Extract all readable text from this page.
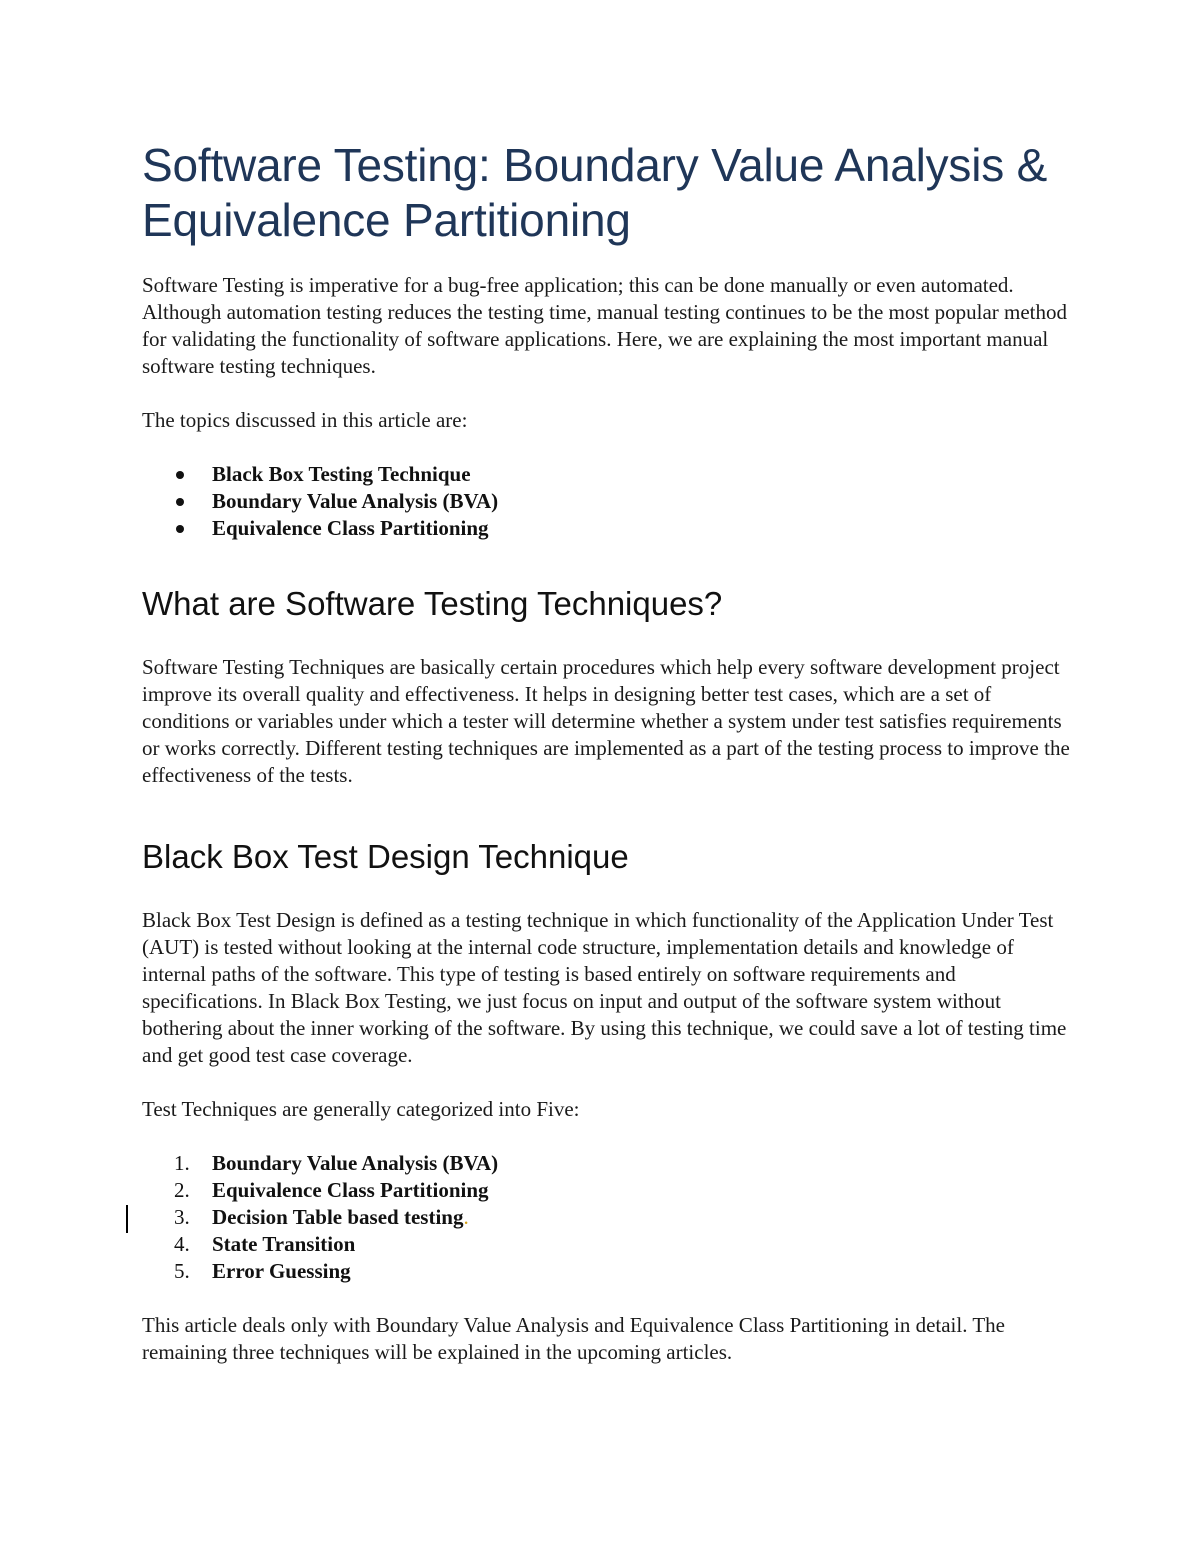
Software Testing: Boundary Value Analysis & Equivalence Partitioning

Software Testing is imperative for a bug-free application; this can be done manually or even automated. Although automation testing reduces the testing time, manual testing continues to be the most popular method for validating the functionality of software applications. Here, we are explaining the most important manual software testing techniques.

The topics discussed in this article are:

Black Box Testing Technique
Boundary Value Analysis (BVA)
Equivalence Class Partitioning
What are Software Testing Techniques?

Software Testing Techniques are basically certain procedures which help every software development project improve its overall quality and effectiveness. It helps in designing better test cases, which are a set of conditions or variables under which a tester will determine whether a system under test satisfies requirements or works correctly. Different testing techniques are implemented as a part of the testing process to improve the effectiveness of the tests.

Black Box Test Design Technique

Black Box Test Design is defined as a testing technique in which functionality of the Application Under Test (AUT) is tested without looking at the internal code structure, implementation details and knowledge of internal paths of the software. This type of testing is based entirely on software requirements and specifications. In Black Box Testing, we just focus on input and output of the software system without bothering about the inner working of the software. By using this technique, we could save a lot of testing time and get good test case coverage.

Test Techniques are generally categorized into Five:

1. Boundary Value Analysis (BVA)
2. Equivalence Class Partitioning
3. Decision Table based testing.
4. State Transition
5. Error Guessing

This article deals only with Boundary Value Analysis and Equivalence Class Partitioning in detail. The remaining three techniques will be explained in the upcoming articles.
